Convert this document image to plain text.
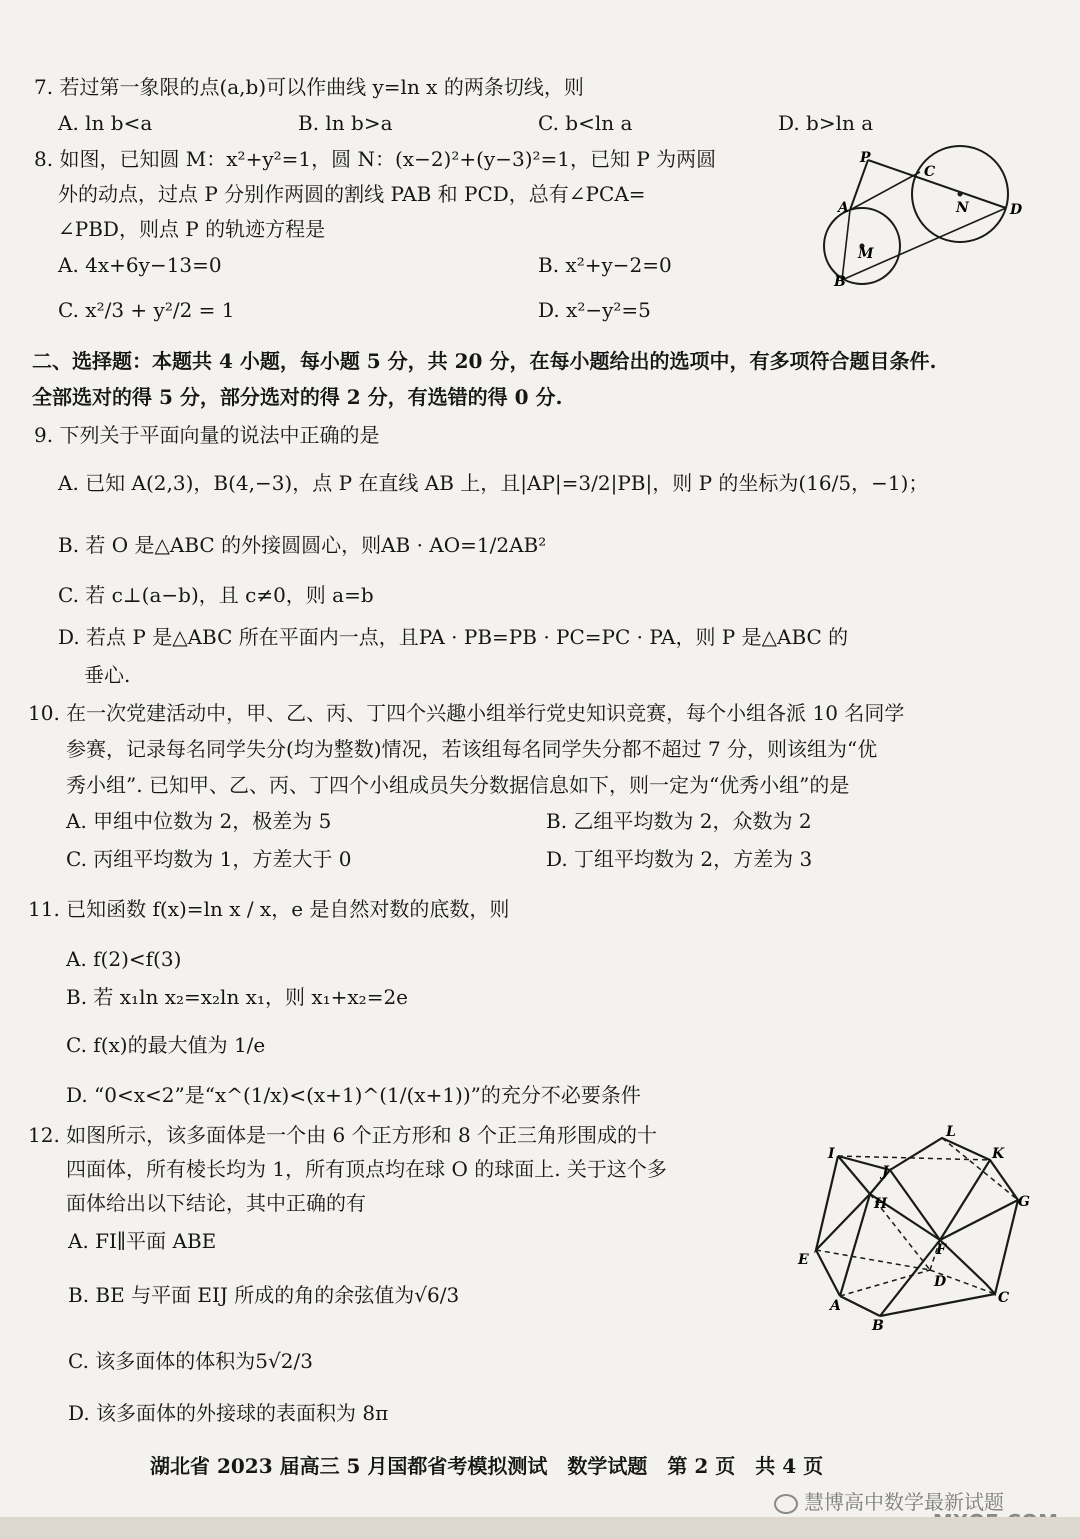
7. 若过第一象限的点(a,b)可以作曲线 y=ln x 的两条切线，则
A. ln b<a	B. ln b>a	C. b<ln a	D. b>ln a
8. 如图，已知圆 M：x²+y²=1，圆 N：(x−2)²+(y−3)²=1，已知 P 为两圆
外的动点，过点 P 分别作两圆的割线 PAB 和 PCD，总有∠PCA=
∠PBD，则点 P 的轨迹方程是
A. 4x+6y−13=0	B. x²+y−2=0
C. x²/3 + y²/2 = 1	D. x²−y²=5
P
C
A	N	D
M
B
二、选择题：本题共 4 小题，每小题 5 分，共 20 分，在每小题给出的选项中，有多项符合题目条件.
全部选对的得 5 分，部分选对的得 2 分，有选错的得 0 分.
9. 下列关于平面向量的说法中正确的是
A. 已知 A(2,3)，B(4,−3)，点 P 在直线 AB 上，且|AP|=3/2|PB|，则 P 的坐标为(16/5，−1)；
B. 若 O 是△ABC 的外接圆圆心，则AB · AO=1/2AB²
C. 若 c⊥(a−b)，且 c≠0，则 a=b
D. 若点 P 是△ABC 所在平面内一点，且PA · PB=PB · PC=PC · PA，则 P 是△ABC 的
垂心.
10. 在一次党建活动中，甲、乙、丙、丁四个兴趣小组举行党史知识竞赛，每个小组各派 10 名同学
参赛，记录每名同学失分(均为整数)情况，若该组每名同学失分都不超过 7 分，则该组为“优
秀小组”. 已知甲、乙、丙、丁四个小组成员失分数据信息如下，则一定为“优秀小组”的是
A. 甲组中位数为 2，极差为 5	B. 乙组平均数为 2，众数为 2
C. 丙组平均数为 1，方差大于 0	D. 丁组平均数为 2，方差为 3
11. 已知函数 f(x)=ln x / x，e 是自然对数的底数，则
A. f(2)<f(3)
B. 若 x₁ln x₂=x₂ln x₁，则 x₁+x₂=2e
C. f(x)的最大值为 1/e
D. “0<x<2”是“x^(1/x)<(x+1)^(1/(x+1))”的充分不必要条件
12. 如图所示，该多面体是一个由 6 个正方形和 8 个正三角形围成的十
四面体，所有棱长均为 1，所有顶点均在球 O 的球面上. 关于这个多
面体给出以下结论，其中正确的有
A. FI∥平面 ABE
B. BE 与平面 EIJ 所成的角的余弦值为√6/3
C. 该多面体的体积为5√2/3
D. 该多面体的外接球的表面积为 8π
L
I
J
K
H	G
E
F
D
A	C
B
湖北省 2023 届高三 5 月国都省考模拟测试　数学试题　第 2 页　共 4 页
慧博高中数学最新试题
